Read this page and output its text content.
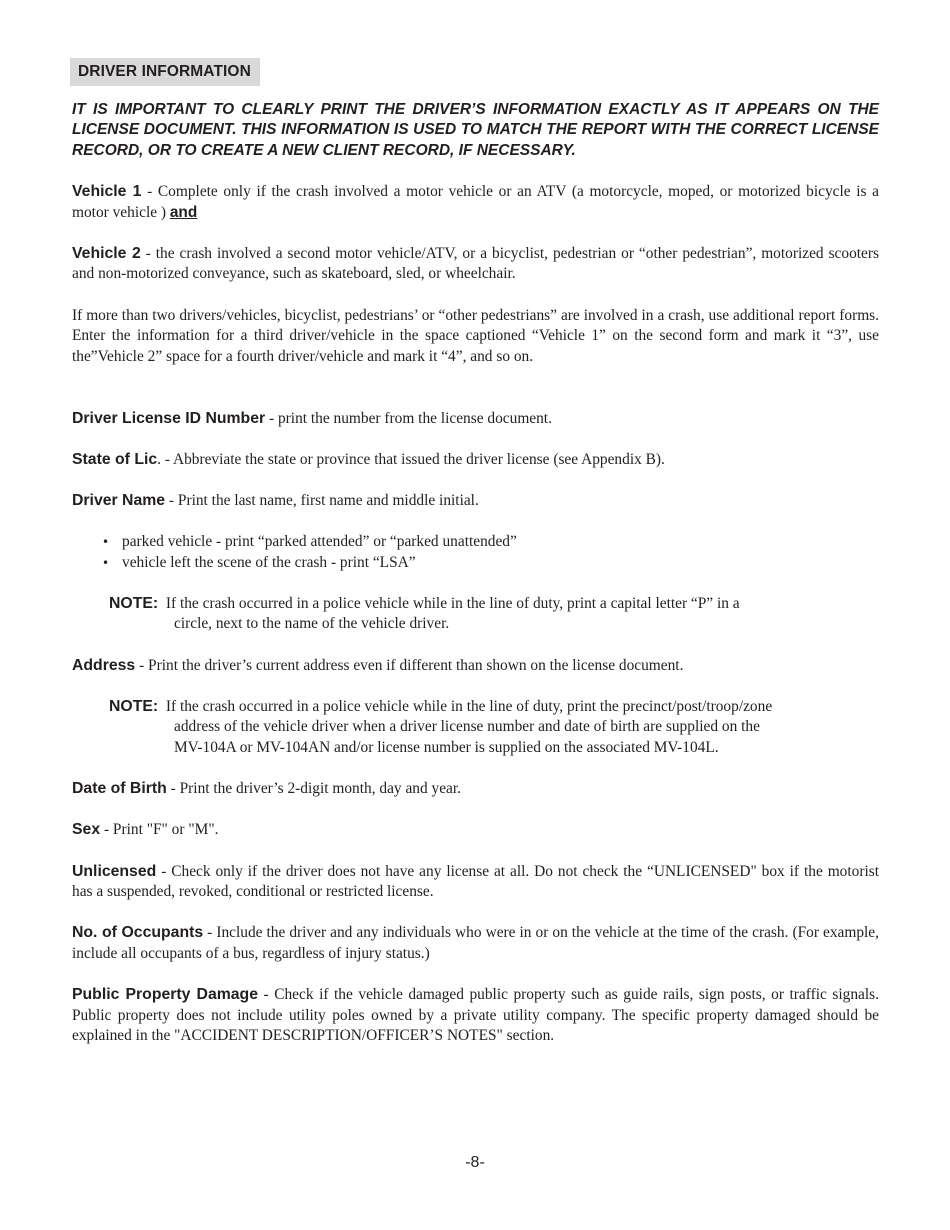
DRIVER INFORMATION
IT IS IMPORTANT TO CLEARLY PRINT THE DRIVER’S INFORMATION EXACTLY AS IT APPEARS ON THE LICENSE DOCUMENT. THIS INFORMATION IS USED TO MATCH THE REPORT WITH THE CORRECT LICENSE RECORD, OR TO CREATE A NEW CLIENT RECORD, IF NECESSARY.

Vehicle 1 - Complete only if the crash involved a motor vehicle or an ATV (a motorcycle, moped, or motorized bicycle is a motor vehicle ) and

Vehicle 2 - the crash involved a second motor vehicle/ATV, or a bicyclist, pedestrian or “other pedestrian”, motorized scooters and non-motorized conveyance, such as skateboard, sled, or wheelchair.

If more than two drivers/vehicles, bicyclist, pedestrians’ or “other pedestrians” are involved in a crash, use additional report forms. Enter the information for a third driver/vehicle in the space captioned “Vehicle 1” on the second form and mark it “3”, use the”Vehicle 2” space for a fourth driver/vehicle and mark it “4”, and so on.

Driver License ID Number - print the number from the license document.

State of Lic. - Abbreviate the state or province that issued the driver license (see Appendix B).

Driver Name - Print the last name, first name and middle initial.

• parked vehicle - print “parked attended” or “parked unattended”
• vehicle left the scene of the crash - print “LSA”
NOTE: If the crash occurred in a police vehicle while in the line of duty, print a capital letter “P” in a
circle, next to the name of the vehicle driver.

Address - Print the driver’s current address even if different than shown on the license document.

NOTE: If the crash occurred in a police vehicle while in the line of duty, print the precinct/post/troop/zone
address of the vehicle driver when a driver license number and date of birth are supplied on the
MV-104A or MV-104AN and/or license number is supplied on the associated MV-104L.

Date of Birth - Print the driver’s 2-digit month, day and year.

Sex - Print "F" or "M".

Unlicensed - Check only if the driver does not have any license at all. Do not check the “UNLICENSED" box if the motorist has a suspended, revoked, conditional or restricted license.

No. of Occupants - Include the driver and any individuals who were in or on the vehicle at the time of the crash. (For example, include all occupants of a bus, regardless of injury status.)

Public Property Damage - Check if the vehicle damaged public property such as guide rails, sign posts, or traffic signals. Public property does not include utility poles owned by a private utility company. The specific property damaged should be explained in the "ACCIDENT DESCRIPTION/OFFICER’S NOTES" section.

-8-
